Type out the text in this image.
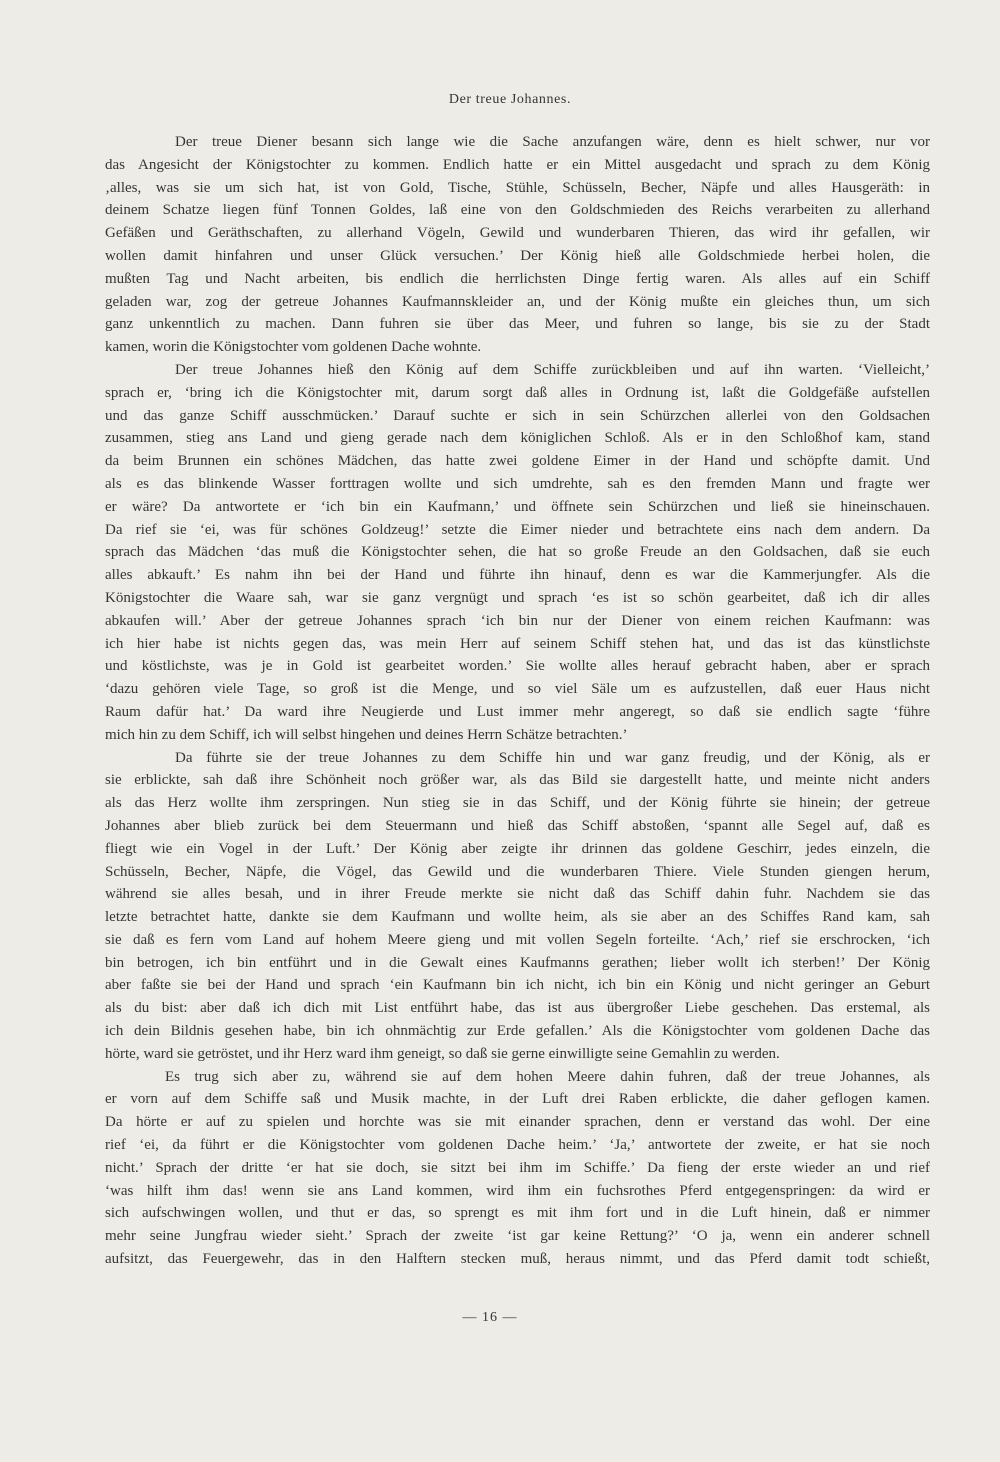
Der treue Johannes.
Der treue Diener besann sich lange wie die Sache anzufangen wäre, denn es hielt schwer, nur vor
das Angesicht der Königstochter zu kommen. Endlich hatte er ein Mittel ausgedacht und sprach zu dem König
‚alles, was sie um sich hat, ist von Gold, Tische, Stühle, Schüsseln, Becher, Näpfe und alles Hausgeräth: in
deinem Schatze liegen fünf Tonnen Goldes, laß eine von den Goldschmieden des Reichs verarbeiten zu allerhand
Gefäßen und Geräthschaften, zu allerhand Vögeln, Gewild und wunderbaren Thieren, das wird ihr gefallen, wir
wollen damit hinfahren und unser Glück versuchen.’ Der König hieß alle Goldschmiede herbei holen, die
mußten Tag und Nacht arbeiten, bis endlich die herrlichsten Dinge fertig waren. Als alles auf ein Schiff
geladen war, zog der getreue Johannes Kaufmannskleider an, und der König mußte ein gleiches thun, um sich
ganz unkenntlich zu machen. Dann fuhren sie über das Meer, und fuhren so lange, bis sie zu der Stadt
kamen, worin die Königstochter vom goldenen Dache wohnte.
Der treue Johannes hieß den König auf dem Schiffe zurückbleiben und auf ihn warten. ‘Vielleicht,’
sprach er, ‘bring ich die Königstochter mit, darum sorgt daß alles in Ordnung ist, laßt die Goldgefäße aufstellen
und das ganze Schiff ausschmücken.’ Darauf suchte er sich in sein Schürzchen allerlei von den Goldsachen
zusammen, stieg ans Land und gieng gerade nach dem königlichen Schloß. Als er in den Schloßhof kam, stand
da beim Brunnen ein schönes Mädchen, das hatte zwei goldene Eimer in der Hand und schöpfte damit. Und
als es das blinkende Wasser forttragen wollte und sich umdrehte, sah es den fremden Mann und fragte wer
er wäre? Da antwortete er ‘ich bin ein Kaufmann,’ und öffnete sein Schürzchen und ließ sie hineinschauen.
Da rief sie ‘ei, was für schönes Goldzeug!’ setzte die Eimer nieder und betrachtete eins nach dem andern. Da
sprach das Mädchen ‘das muß die Königstochter sehen, die hat so große Freude an den Goldsachen, daß sie euch
alles abkauft.’ Es nahm ihn bei der Hand und führte ihn hinauf, denn es war die Kammerjungfer. Als die
Königstochter die Waare sah, war sie ganz vergnügt und sprach ‘es ist so schön gearbeitet, daß ich dir alles
abkaufen will.’ Aber der getreue Johannes sprach ‘ich bin nur der Diener von einem reichen Kaufmann: was
ich hier habe ist nichts gegen das, was mein Herr auf seinem Schiff stehen hat, und das ist das künstlichste
und köstlichste, was je in Gold ist gearbeitet worden.’ Sie wollte alles herauf gebracht haben, aber er sprach
‘dazu gehören viele Tage, so groß ist die Menge, und so viel Säle um es aufzustellen, daß euer Haus nicht
Raum dafür hat.’ Da ward ihre Neugierde und Lust immer mehr angeregt, so daß sie endlich sagte ‘führe
mich hin zu dem Schiff, ich will selbst hingehen und deines Herrn Schätze betrachten.’
Da führte sie der treue Johannes zu dem Schiffe hin und war ganz freudig, und der König, als er
sie erblickte, sah daß ihre Schönheit noch größer war, als das Bild sie dargestellt hatte, und meinte nicht anders
als das Herz wollte ihm zerspringen. Nun stieg sie in das Schiff, und der König führte sie hinein; der getreue
Johannes aber blieb zurück bei dem Steuermann und hieß das Schiff abstoßen, ‘spannt alle Segel auf, daß es
fliegt wie ein Vogel in der Luft.’ Der König aber zeigte ihr drinnen das goldene Geschirr, jedes einzeln, die
Schüsseln, Becher, Näpfe, die Vögel, das Gewild und die wunderbaren Thiere. Viele Stunden giengen herum,
während sie alles besah, und in ihrer Freude merkte sie nicht daß das Schiff dahin fuhr. Nachdem sie das
letzte betrachtet hatte, dankte sie dem Kaufmann und wollte heim, als sie aber an des Schiffes Rand kam, sah
sie daß es fern vom Land auf hohem Meere gieng und mit vollen Segeln forteilte. ‘Ach,’ rief sie erschrocken, ‘ich
bin betrogen, ich bin entführt und in die Gewalt eines Kaufmanns gerathen; lieber wollt ich sterben!’ Der König
aber faßte sie bei der Hand und sprach ‘ein Kaufmann bin ich nicht, ich bin ein König und nicht geringer an Geburt
als du bist: aber daß ich dich mit List entführt habe, das ist aus übergroßer Liebe geschehen. Das erstemal, als
ich dein Bildnis gesehen habe, bin ich ohnmächtig zur Erde gefallen.’ Als die Königstochter vom goldenen Dache das
hörte, ward sie getröstet, und ihr Herz ward ihm geneigt, so daß sie gerne einwilligte seine Gemahlin zu werden.
Es trug sich aber zu, während sie auf dem hohen Meere dahin fuhren, daß der treue Johannes, als
er vorn auf dem Schiffe saß und Musik machte, in der Luft drei Raben erblickte, die daher geflogen kamen.
Da hörte er auf zu spielen und horchte was sie mit einander sprachen, denn er verstand das wohl. Der eine
rief ‘ei, da führt er die Königstochter vom goldenen Dache heim.’ ‘Ja,’ antwortete der zweite, er hat sie noch
nicht.’ Sprach der dritte ‘er hat sie doch, sie sitzt bei ihm im Schiffe.’ Da fieng der erste wieder an und rief
‘was hilft ihm das! wenn sie ans Land kommen, wird ihm ein fuchsrothes Pferd entgegenspringen: da wird er
sich aufschwingen wollen, und thut er das, so sprengt es mit ihm fort und in die Luft hinein, daß er nimmer
mehr seine Jungfrau wieder sieht.’ Sprach der zweite ‘ist gar keine Rettung?’ ‘O ja, wenn ein anderer schnell
aufsitzt, das Feuergewehr, das in den Halftern stecken muß, heraus nimmt, und das Pferd damit todt schießt,
— 16 —
